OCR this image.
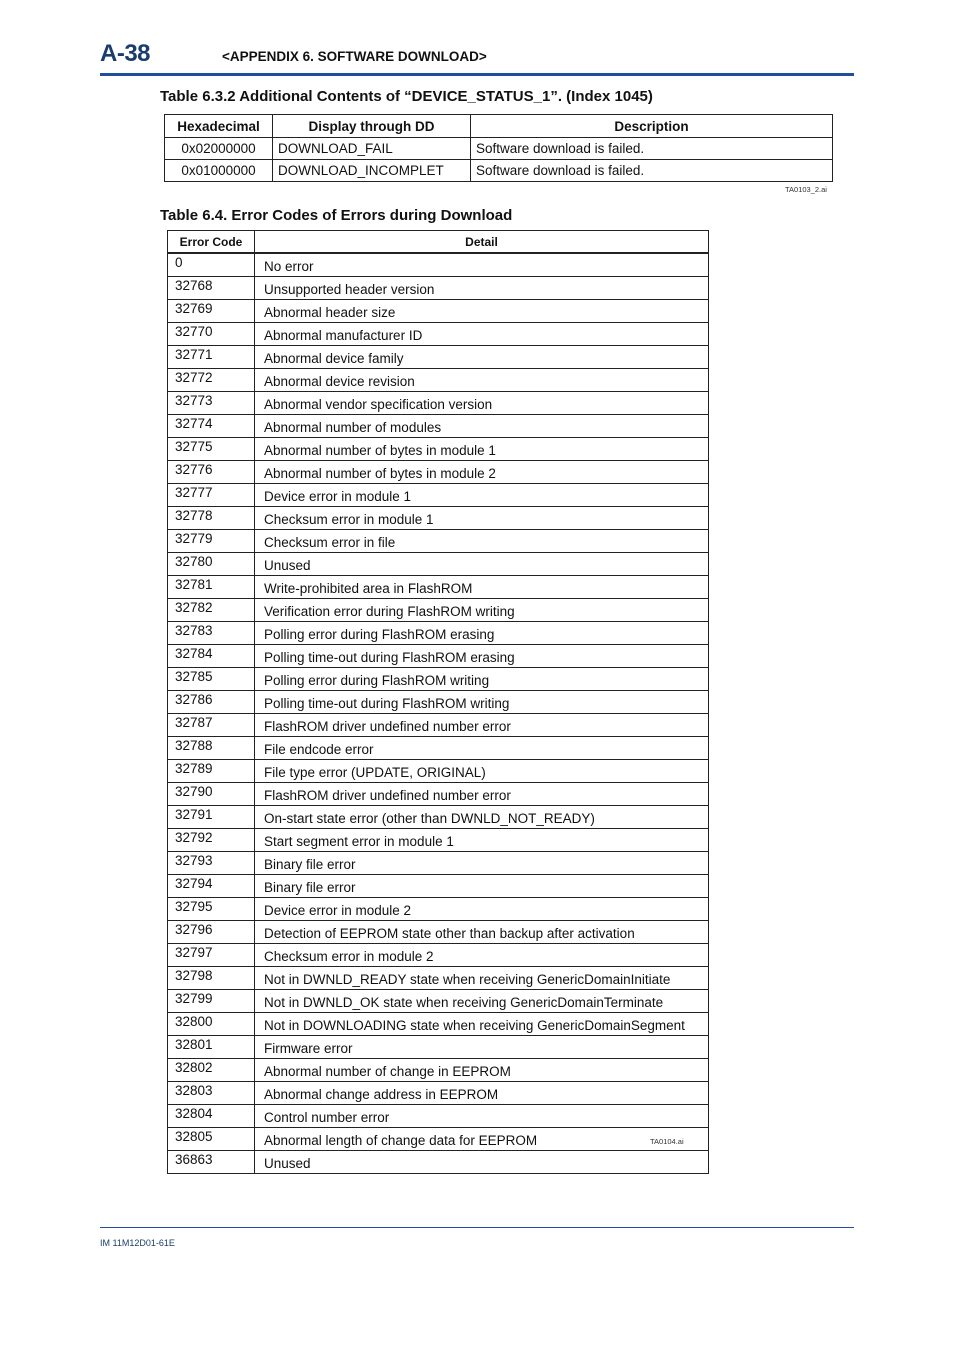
A-38	<APPENDIX 6. SOFTWARE DOWNLOAD>
Table 6.3.2 Additional Contents of “DEVICE_STATUS_1”. (Index 1045)
Hexadecimal	Display through DD	Description
0x02000000	DOWNLOAD_FAIL	Software download is failed.
0x01000000	DOWNLOAD_INCOMPLET	Software download is failed.
TA0103_2.ai
Table 6.4. Error Codes of Errors during Download
Error Code	Detail
0	No error
32768	Unsupported header version
32769	Abnormal header size
32770	Abnormal manufacturer ID
32771	Abnormal device family
32772	Abnormal device revision
32773	Abnormal vendor specification version
32774	Abnormal number of modules
32775	Abnormal number of bytes in module 1
32776	Abnormal number of bytes in module 2
32777	Device error in module 1
32778	Checksum error in module 1
32779	Checksum error in file
32780	Unused
32781	Write-prohibited area in FlashROM
32782	Verification error during FlashROM writing
32783	Polling error during FlashROM erasing
32784	Polling time-out during FlashROM erasing
32785	Polling error during FlashROM writing
32786	Polling time-out during FlashROM writing
32787	FlashROM driver undefined number error
32788	File endcode error
32789	File type error (UPDATE, ORIGINAL)
32790	FlashROM driver undefined number error
32791	On-start state error (other than DWNLD_NOT_READY)
32792	Start segment error in module 1
32793	Binary file error
32794	Binary file error
32795	Device error in module 2
32796	Detection of EEPROM state other than backup after activation
32797	Checksum error in module 2
32798	Not in DWNLD_READY state when receiving GenericDomainInitiate
32799	Not in DWNLD_OK state when receiving GenericDomainTerminate
32800	Not in DOWNLOADING state when receiving GenericDomainSegment
32801	Firmware error
32802	Abnormal number of change in EEPROM
32803	Abnormal change address in EEPROM
32804	Control number error
32805	Abnormal length of change data for EEPROM
36863	Unused
TA0104.ai
IM 11M12D01-61E
